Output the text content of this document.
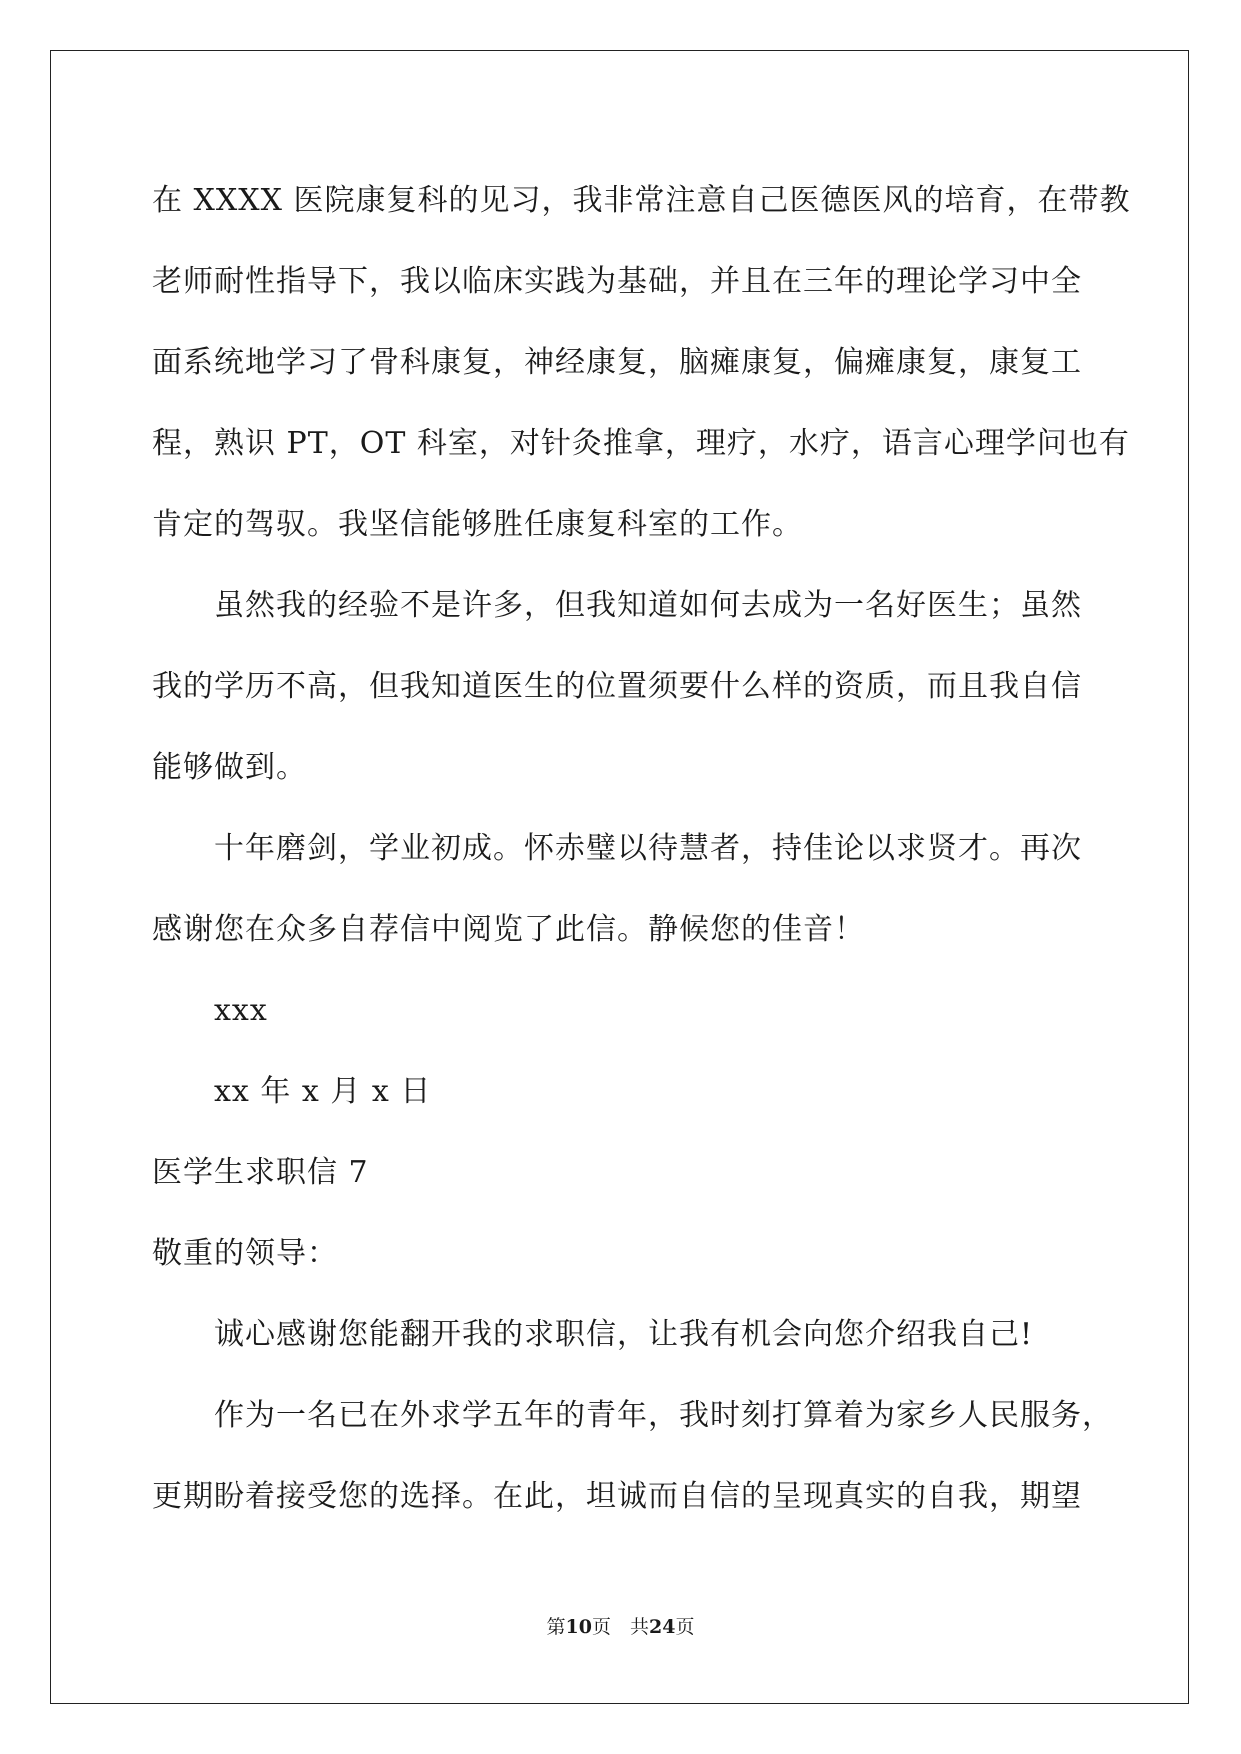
在 XXXX 医院康复科的见习，我非常注意自己医德医风的培育，在带教
老师耐性指导下，我以临床实践为基础，并且在三年的理论学习中全
面系统地学习了骨科康复，神经康复，脑瘫康复，偏瘫康复，康复工
程，熟识 PT，OT 科室，对针灸推拿，理疗，水疗，语言心理学问也有
肯定的驾驭。我坚信能够胜任康复科室的工作。
虽然我的经验不是许多，但我知道如何去成为一名好医生；虽然
我的学历不高，但我知道医生的位置须要什么样的资质，而且我自信
能够做到。
十年磨剑，学业初成。怀赤璧以待慧者，持佳论以求贤才。再次
感谢您在众多自荐信中阅览了此信。静候您的佳音！
xxx
xx 年 x 月 x 日
医学生求职信 7
敬重的领导：
诚心感谢您能翻开我的求职信，让我有机会向您介绍我自己!
作为一名已在外求学五年的青年，我时刻打算着为家乡人民服务，
更期盼着接受您的选择。在此，坦诚而自信的呈现真实的自我，期望
第10页　共24页
